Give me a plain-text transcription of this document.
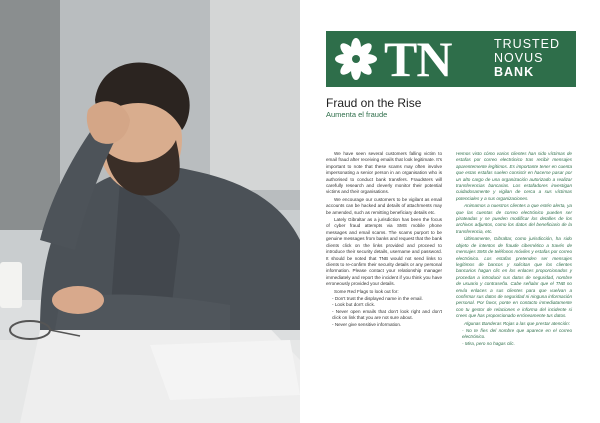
TN	TRUSTED
NOVUS
BANK
Fraud on the Rise
Aumenta el fraude

We have seen several customers falling victim to email fraud after receiving emails that look legitimate. It's important to note that these scams may often involve impersonating a senior person in an organisation who is authorised to conduct bank transfers. Fraudsters will carefully research and cleverly monitor their potential victims and their organisations.

We encourage our customers to be vigilant as email accounts can be hacked and details of attachments may be amended, such as remitting beneficiary details etc.

Lately Gibraltar as a jurisdiction has been the focus of cyber fraud attempts via SMS mobile phone messages and email scams. The scams purport to be genuine messages from banks and request that the bank clients click on the links provided and proceed to introduce their security details, username and password. It should be noted that TNB would not send links to clients to re-confirm their security details or any personal information. Please contact your relationship manager immediately and report the incident if you think you have erroneously provided your details.

Some Red Flags to look out for:

- Don't trust the displayed name in the email.
- Look but don't click.
- Never open emails that don't look right and don't click on link that you are not sure about.
- Never give sensitive information.

Hemos visto cómo varios clientes han sido víctimas de estafas por correo electrónico tras recibir mensajes aparentemente legítimos. Es importante tener en cuenta que estas estafas suelen consistir en hacerse pasar por un alto cargo de una organización autorizado a realizar transferencias bancarias. Los estafadores investigan cuidadosamente y vigilan de cerca a sus víctimas potenciales y a sus organizaciones.

Animamos a nuestros clientes a que estén alerta, ya que las cuentas de correo electrónico pueden ser pirateadas y se pueden modificar los detalles de los archivos adjuntos, como los datos del beneficiario de la transferencia, etc.

Últimamente, Gibraltar, como jurisdicción, ha sido objeto de intentos de fraude cibernético a través de mensajes SMS de teléfonos móviles y estafas por correo electrónico. Los estafas pretenden ser mensajes legítimos de bancos y solicitan que los clientes bancarios hagan clic en los enlaces proporcionados y procedan a introducir sus datos de seguridad, nombre de usuario y contraseña. Cabe señalar que el TNB no envía enlaces a sus clientes para que vuelvan a confirmar sus datos de seguridad ni ninguna información personal. Por favor, ponte en contacto inmediatamente con tu gestor de relaciones e informa del incidente si crees que has proporcionado erróneamente tus datos.

Algunas Banderas Rojas a las que prestar atención:

- No te fíes del nombre que aparece en el correo electrónico.
- Mira, pero no hagas clic.
